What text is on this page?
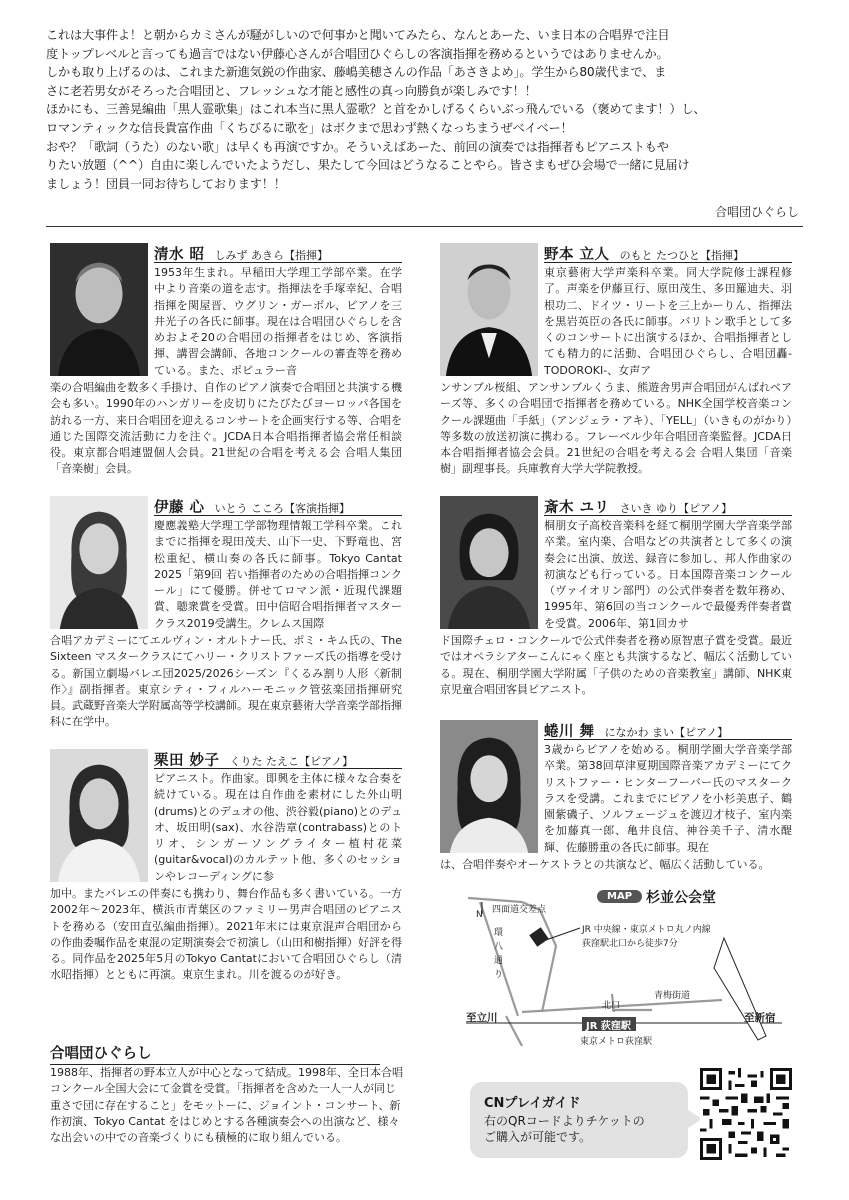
これは大事件よ！と朝からカミさんが騒がしいので何事かと聞いてみたら、なんとあーた、いま日本の合唱界で注目

度トップレベルと言っても過言ではない伊藤心さんが合唱団ひぐらしの客演指揮を務めるというではありませんか。

しかも取り上げるのは、これまた新進気鋭の作曲家、藤嶋美穂さんの作品「あさきよめ」。学生から80歳代まで、ま

さに老若男女がそろった合唱団と、フレッシュな才能と感性の真っ向勝負が楽しみです！！

ほかにも、三善晃編曲「黒人霊歌集」はこれ本当に黒人霊歌？と首をかしげるくらいぶっ飛んでいる（褒めてます！）し、

ロマンティックな信長貴富作曲「くちびるに歌を」はボクまで思わず熱くなっちまうぜベイベー！

おや？「歌詞（うた）のない歌」は早くも再演ですか。そういえばあーた、前回の演奏では指揮者もピアニストもや

りたい放題（^^）自由に楽しんでいたようだし、果たして今回はどうなることやら。皆さまもぜひ会場で一緒に見届け

ましょう！団員一同お待ちしております！！

合唱団ひぐらし
清水 昭 しみず あきら【指揮】
1953年生まれ。早稲田大学理工学部卒業。在学中より音楽の道を志す。指揮法を手塚幸紀、合唱指揮を関屋晋、ウグリン・ガーボル、ピアノを三井光子の各氏に師事。現在は合唱団ひぐらしを含めおよそ20の合唱団の指揮者をはじめ、客演指揮、講習会講師、各地コンクールの審査等を務めている。また、ポピュラー音
楽の合唱編曲を数多く手掛け、自作のピアノ演奏で合唱団と共演する機会も多い。1990年のハンガリーを皮切りにたびたびヨーロッパ各国を訪れる一方、来日合唱団を迎えるコンサートを企画実行する等、合唱を通じた国際交流活動に力を注ぐ。JCDA日本合唱指揮者協会常任相談役。東京都合唱連盟個人会員。21世紀の合唱を考える会 合唱人集団「音楽樹」会員。
野本 立人 のもと たつひと【指揮】
東京藝術大学声楽科卒業。同大学院修士課程修了。声楽を伊藤亘行、原田茂生、多田羅迪夫、羽根功二、ドイツ・リートを三上かーりん、指揮法を黒岩英臣の各氏に師事。バリトン歌手として多くのコンサートに出演するほか、合唱指揮者としても精力的に活動、合唱団ひぐらし、合唱団轟-TODOROKI-、女声ア
ンサンブル桜組、アンサンブルくうま、熊遊舎男声合唱団がんばれベアーズ等、多くの合唱団で指揮者を務めている。NHK全国学校音楽コンクール課題曲「手紙」（アンジェラ・アキ）、「YELL」（いきものがかり）等多数の放送初演に携わる。フレーベル少年合唱団音楽監督。JCDA日本合唱指揮者協会会員。21世紀の合唱を考える会 合唱人集団「音楽樹」副理事長。兵庫教育大学大学院教授。
伊藤 心 いとう こころ【客演指揮】
慶應義塾大学理工学部物理情報工学科卒業。これまでに指揮を現田茂夫、山下一史、下野竜也、宮松重紀、横山奏の各氏に師事。Tokyo Cantat 2025「第9回 若い指揮者のための合唱指揮コンクール」にて優勝。併せてロマン派・近現代課題賞、聴衆賞を受賞。田中信昭合唱指揮者マスタークラス2019受講生。クレムス国際
合唱アカデミーにてエルヴィン・オルトナー氏、ポミ・キム氏の、The Sixteen マスタークラスにてハリー・クリストファーズ氏の指導を受ける。新国立劇場バレエ団2025/2026シーズン『くるみ割り人形〈新制作〉』副指揮者。東京シティ・フィルハーモニック管弦楽団指揮研究員。武蔵野音楽大学附属高等学校講師。現在東京藝術大学音楽学部指揮科に在学中。
斎木 ユリ さいき ゆり【ピアノ】
桐朋女子高校音楽科を経て桐朋学園大学音楽学部卒業。室内楽、合唱などの共演者として多くの演奏会に出演、放送、録音に参加し、邦人作曲家の初演なども行っている。日本国際音楽コンクール（ヴァイオリン部門）の公式伴奏者を数年務め、1995年、第6回の当コンクールで最優秀伴奏者賞を受賞。2006年、第1回カサ
ド国際チェロ・コンクールで公式伴奏者を務め原智恵子賞を受賞。最近ではオペラシアターこんにゃく座とも共演するなど、幅広く活動している。現在、桐朋学園大学附属「子供のための音楽教室」講師、NHK東京児童合唱団客員ピアニスト。
栗田 妙子 くりた たえこ【ピアノ】
ピアニスト。作曲家。即興を主体に様々な合奏を続けている。現在は自作曲を素材にした外山明(drums)とのデュオの他、渋谷毅(piano)とのデュオ、坂田明(sax)、水谷浩章(contrabass)とのトリオ、シンガーソングライター植村花菜(guitar&vocal)のカルテット他、多くのセッションやレコーディングに参
加中。またバレエの伴奏にも携わり、舞台作品も多く書いている。一方2002年〜2023年、横浜市青葉区のファミリー男声合唱団のピアニストを務める（安田直弘編曲指揮）。2021年末には東京混声合唱団からの作曲委嘱作品を東混の定期演奏会で初演し（山田和樹指揮）好評を得る。同作品を2025年5月のTokyo Cantatにおいて合唱団ひぐらし（清水昭指揮）とともに再演。東京生まれ。川を渡るのが好き。
蜷川 舞 になかわ まい【ピアノ】
3歳からピアノを始める。桐朋学園大学音楽学部卒業。第38回草津夏期国際音楽アカデミーにてクリストファー・ヒンターフーバー氏のマスタークラスを受講。これまでにピアノを小杉美恵子、鶴園紫磯子、ソルフェージュを渡辺才枝子、室内楽を加藤真一郎、亀井良信、神谷美千子、清水醍輝、佐藤勝重の各氏に師事。現在
は、合唱伴奏やオーケストラとの共演など、幅広く活動している。
合唱団ひぐらし
1988年、指揮者の野本立人が中心となって結成。1998年、全日本合唱コンクール全国大会にて金賞を受賞。「指揮者を含めた一人一人が同じ重さで団に存在すること」をモットーに、ジョイント・コンサート、新作初演、Tokyo Cantat をはじめとする各種演奏会への出演など、様々な出会いの中での音楽づくりにも積極的に取り組んでいる。
MAP 杉並公会堂
四面道交差点
N
環
八
通
り
JR 中央線・東京メトロ丸ノ内線
荻窪駅北口から徒歩7分
青梅街道
北口
JR 荻窪駅
東京メトロ荻窪駅
至立川	至新宿
CNプレイガイド
右のQRコードよりチケットの
ご購入が可能です。
